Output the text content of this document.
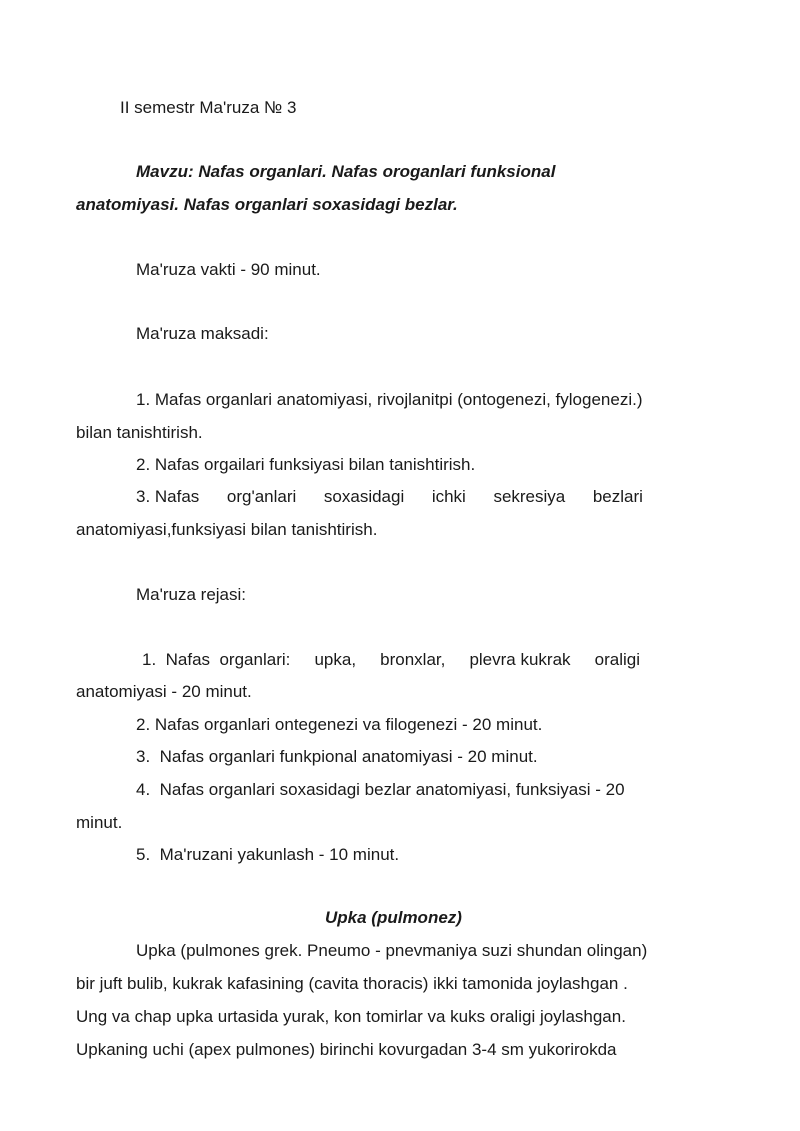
II semestr Ma'ruza № 3
Mavzu: Nafas organlari. Nafas oroganlari funksional
anatomiyasi. Nafas organlari soxasidagi bezlar.
Ma'ruza vakti - 90 minut.
Ma'ruza maksadi:
1. Mafas organlari anatomiyasi, rivojlanitpi (ontogenezi, fylogenezi.)
bilan tanishtirish.
2. Nafas orgailari funksiyasi bilan tanishtirish.
3. Nafas org'anlari soxasidagi ichki sekresiya bezlari
anatomiyasi,funksiyasi bilan tanishtirish.
Ma'ruza rejasi:
1.  Nafas  organlari: upka, bronxlar, plevra kukrak oraligi
anatomiyasi - 20 minut.
2. Nafas organlari ontegenezi va filogenezi - 20 minut.
3.  Nafas organlari funkpional anatomiyasi - 20 minut.
4.  Nafas organlari soxasidagi bezlar anatomiyasi, funksiyasi - 20
minut.
5.  Ma'ruzani yakunlash - 10 minut.
Upka (pulmonez)
Upka (pulmones grek. Pneumo - pnevmaniya suzi shundan olingan)
bir juft bulib, kukrak kafasining (cavita thoracis) ikki tamonida joylashgan .
Ung va chap upka urtasida yurak, kon tomirlar va kuks oraligi joylashgan.
Upkaning uchi (apex pulmones) birinchi kovurgadan 3-4 sm yukorirokda
